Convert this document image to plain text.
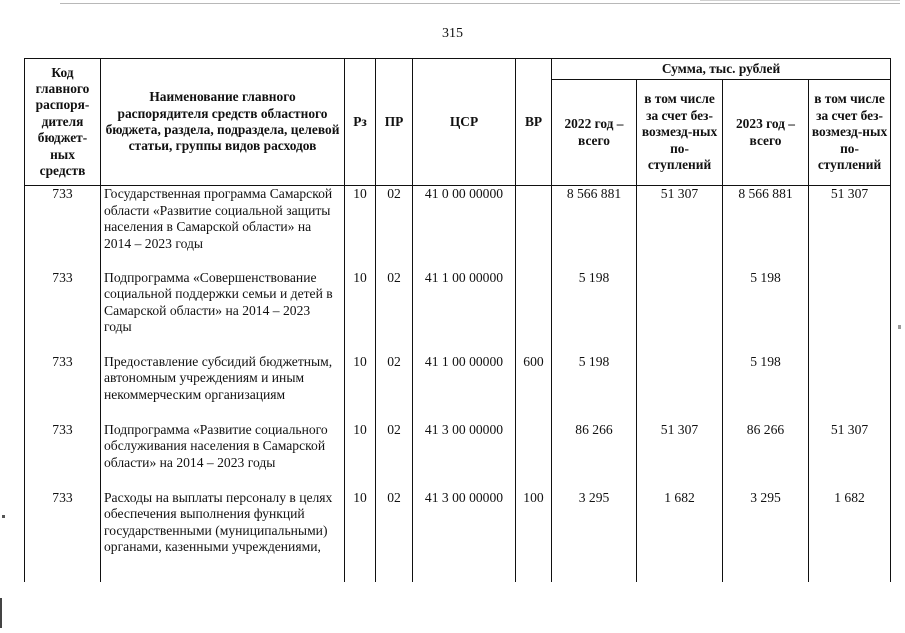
315
Код главного распоря-дителя бюджет-ных средств	Наименование главного распорядителя средств областного бюджета, раздела, подраздела, целевой статьи, группы видов расходов	Рз	ПР	ЦСР	ВР	Сумма, тыс. рублей			
						2022 год – всего	в том числе за счет без-возмезд-ных по-ступлений	2023 год – всего	в том числе за счет без-возмезд-ных по-ступлений
733	Государственная программа Самарской области «Развитие социальной защиты населения в Самарской области» на 2014 – 2023 годы	10	02	41 0 00 00000		8 566 881	51 307	8 566 881	51 307
733	Подпрограмма «Совершенствование социальной поддержки семьи и детей в Самарской области» на 2014 – 2023 годы	10	02	41 1 00 00000		5 198		5 198	
733	Предоставление субсидий бюджетным, автономным учреждениям и иным некоммерческим организациям	10	02	41 1 00 00000	600	5 198		5 198	
733	Подпрограмма «Развитие социального обслуживания населения в Самарской области» на 2014 – 2023 годы	10	02	41 3 00 00000		86 266	51 307	86 266	51 307
733	Расходы на выплаты персоналу в целях обеспечения выполнения функций государственными (муниципальными) органами, казенными учреждениями,	10	02	41 3 00 00000	100	3 295	1 682	3 295	1 682
